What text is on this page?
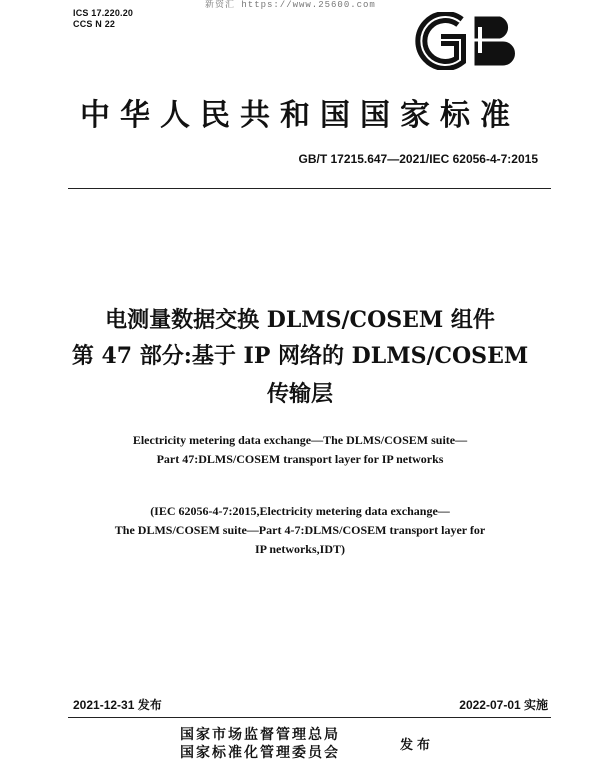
ICS 17.220.20
CCS N 22
新资汇 https://www.25600.com
GB
中华人民共和国国家标准
GB/T 17215.647—2021/IEC 62056-4-7:2015
电测量数据交换 DLMS/COSEM 组件
第 47 部分:基于 IP 网络的 DLMS/COSEM
传输层
Electricity metering data exchange—The DLMS/COSEM suite—
Part 47:DLMS/COSEM transport layer for IP networks
(IEC 62056-4-7:2015,Electricity metering data exchange—
The DLMS/COSEM suite—Part 4-7:DLMS/COSEM transport layer for
IP networks,IDT)
2021-12-31 发布	2022-07-01 实施
国家市场监督管理总局
国家标准化管理委员会	发布
